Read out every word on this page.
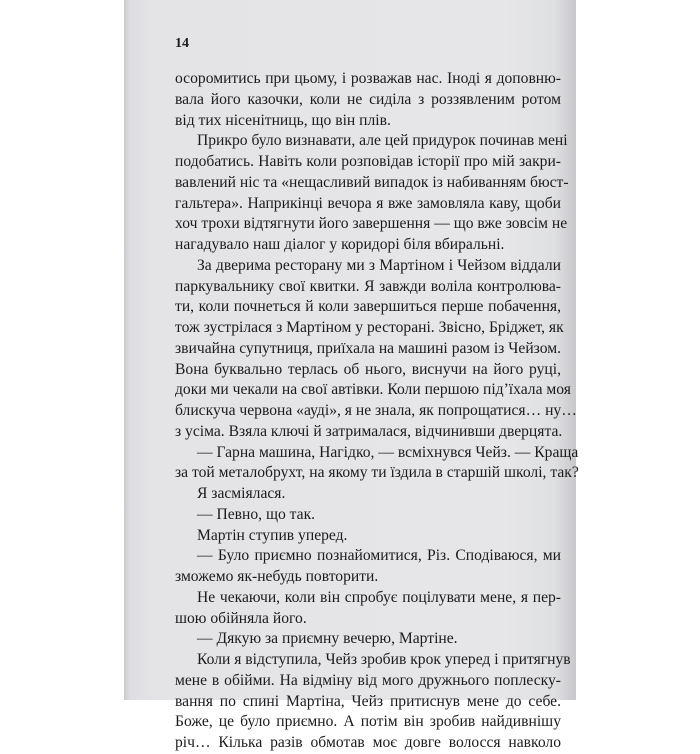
14
осоромитись при цьому, і розважав нас. Іноді я доповню-
вала його казочки, коли не сиділа з роззявленим ротом
від тих нісенітниць, що він плів.
Прикро було визнавати, але цей придурок починав мені
подобатись. Навіть коли розповідав історії про мій закри-
вавлений ніс та «нещасливий випадок із набиванням бюст-
гальтера». Наприкінці вечора я вже замовляла каву, щоби
хоч трохи відтягнути його завершення — що вже зовсім не
нагадувало наш діалог у коридорі біля вбиральні.
За дверима ресторану ми з Мартіном і Чейзом віддали
паркувальнику свої квитки. Я завжди воліла контролюва-
ти, коли почнеться й коли завершиться перше побачення,
тож зустрілася з Мартіном у ресторані. Звісно, Бріджет, як
звичайна супутниця, приїхала на машині разом із Чейзом.
Вона буквально терлась об нього, виснучи на його руці,
доки ми чекали на свої автівки. Коли першою під’їхала моя
блискуча червона «ауді», я не знала, як попрощатися… ну…
з усіма. Взяла ключі й затрималася, відчинивши дверцята.
— Гарна машина, Нагідко, — всміхнувся Чейз. — Краща
за той металобрухт, на якому ти їздила в старшій школі, так?
Я засміялася.
— Певно, що так.
Мартін ступив уперед.
— Було приємно познайомитися, Різ. Сподіваюся, ми
зможемо як-небудь повторити.
Не чекаючи, коли він спробує поцілувати мене, я пер-
шою обійняла його.
— Дякую за приємну вечерю, Мартіне.
Коли я відступила, Чейз зробив крок уперед і притягнув
мене в обійми. На відміну від мого дружнього поплеску-
вання по спині Мартіна, Чейз притиснув мене до себе.
Боже, це було приємно. А потім він зробив найдивнішу
річ… Кілька разів обмотав моє довге волосся навколо
